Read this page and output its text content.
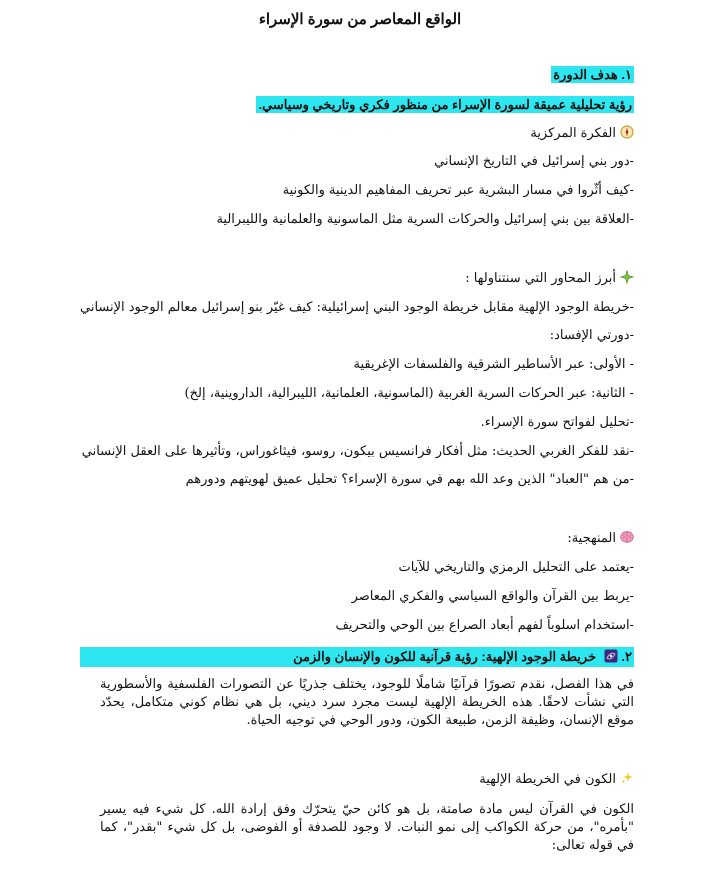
الواقع المعاصر من سورة الإسراء
١. هدف الدورة
رؤية تحليلية عميقة لسورة الإسراء من منظور فكري وتاريخي وسياسي.
الفكرة المركزية
-دور بني إسرائيل في التاريخ الإنساني
-كيف أثّروا في مسار البشرية عبر تحريف المفاهيم الدينية والكونية
-العلاقة بين بني إسرائيل والحركات السرية مثل الماسونية والعلمانية والليبرالية
أبرز المحاور التي سنتناولها :
-خريطة الوجود الإلهية مقابل خريطة الوجود البني إسرائيلية: كيف غيّر بنو إسرائيل معالم الوجود الإنساني
-دورتي الإفساد:
- الأولى: عبر الأساطير الشرقية والفلسفات الإغريقية
- الثانية: عبر الحركات السرية الغربية (الماسونية، العلمانية، الليبرالية، الداروينية، إلخ)
-تحليل لفواتح سورة الإسراء.
-نقد للفكر الغربي الحديث: مثل أفكار فرانسيس بيكون، روسو، فيثاغوراس، وتأثيرها على العقل الإنساني
-من هم "العباد" الذين وعد الله بهم في سورة الإسراء؟ تحليل عميق لهويتهم ودورهم
المنهجية:
-يعتمد على التحليل الرمزي والتاريخي للآيات
-يربط بين القرآن والواقع السياسي والفكري المعاصر
-استخدام اسلوباً لفهم أبعاد الصراع بين الوحي والتحريف
٢.  خريطة الوجود الإلهية: رؤية قرآنية للكون والإنسان والزمن
في هذا الفصل، نقدم تصورًا قرآنيًا شاملًا للوجود، يختلف جذريًا عن التصورات الفلسفية والأسطورية التي نشأت لاحقًا. هذه الخريطة الإلهية ليست مجرد سرد ديني، بل هي نظام كوني متكامل، يحدّد موقع الإنسان، وظيفة الزمن، طبيعة الكون، ودور الوحي في توجيه الحياة.
الكون في الخريطة الإلهية
الكون في القرآن ليس مادة صامتة، بل هو كائن حيّ يتحرّك وفق إرادة الله. كل شيء فيه يسير "بأمره"، من حركة الكواكب إلى نمو النبات. لا وجود للصدفة أو الفوضى، بل كل شيء "بقدر"، كما في قوله تعالى:
